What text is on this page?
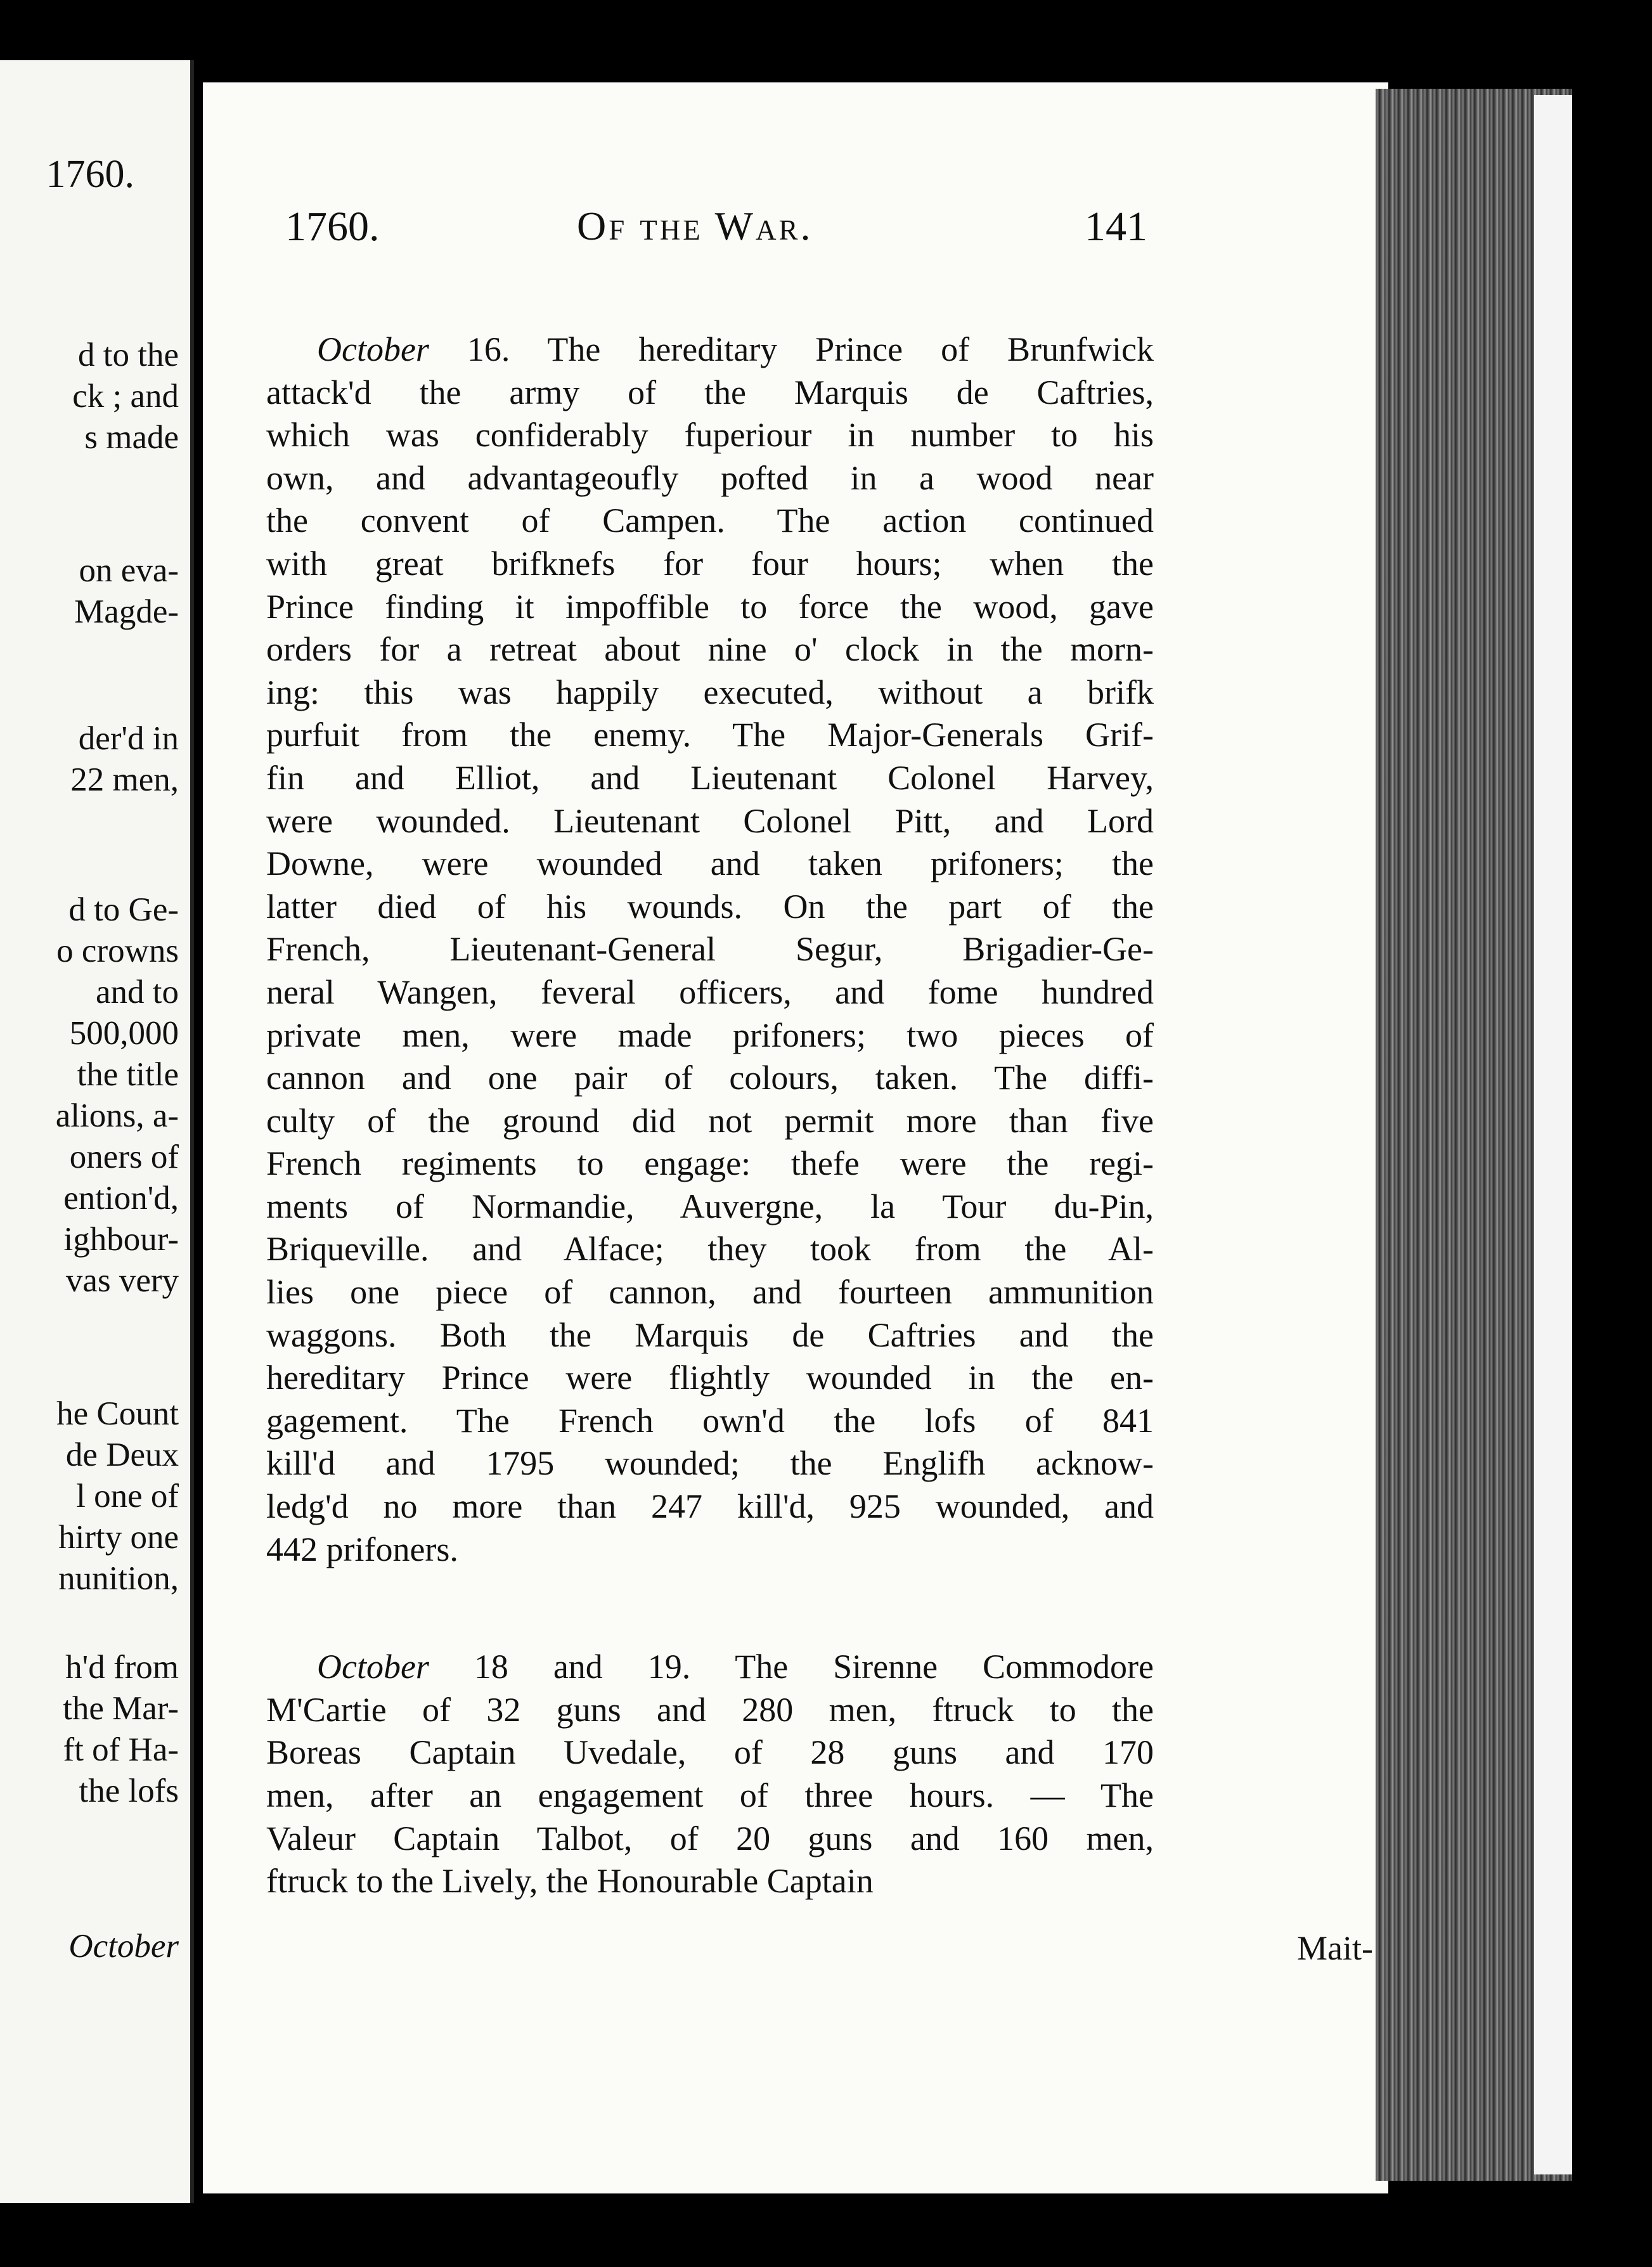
1760.
d to the
ck ; and
s made
on eva-
Magde-
der'd in
22 men,
d to Ge-
o crowns
and to
500,000
the title
alions, a-
oners of
ention'd,
ighbour-
vas very
he Count
de Deux
l one of
hirty one
nunition,
h'd from
the Mar-
ft of Ha-
the lofs
October
1760.	Of the War.	141
October 16. The hereditary Prince of Brunfwick
attack'd the army of the Marquis de Caftries,
which was confiderably fuperiour in number to his
own, and advantageoufly pofted in a wood near
the convent of Campen. The action continued
with great brifknefs for four hours; when the
Prince finding it impoffible to force the wood, gave
orders for a retreat about nine o' clock in the morn-
ing: this was happily executed, without a brifk
purfuit from the enemy. The Major-Generals Grif-
fin and Elliot, and Lieutenant Colonel Harvey,
were wounded. Lieutenant Colonel Pitt, and Lord
Downe, were wounded and taken prifoners; the
latter died of his wounds. On the part of the
French, Lieutenant-General Segur, Brigadier-Ge-
neral Wangen, feveral officers, and fome hundred
private men, were made prifoners; two pieces of
cannon and one pair of colours, taken. The diffi-
culty of the ground did not permit more than five
French regiments to engage: thefe were the regi-
ments of Normandie, Auvergne, la Tour du-Pin,
Briqueville. and Alface; they took from the Al-
lies one piece of cannon, and fourteen ammunition
waggons. Both the Marquis de Caftries and the
hereditary Prince were flightly wounded in the en-
gagement. The French own'd the lofs of 841
kill'd and 1795 wounded; the Englifh acknow-
ledg'd no more than 247 kill'd, 925 wounded, and
442 prifoners.
October 18 and 19. The Sirenne Commodore
M'Cartie of 32 guns and 280 men, ftruck to the
Boreas Captain Uvedale, of 28 guns and 170
men, after an engagement of three hours. — The
Valeur Captain Talbot, of 20 guns and 160 men,
ftruck to the Lively, the Honourable Captain
Mait-
